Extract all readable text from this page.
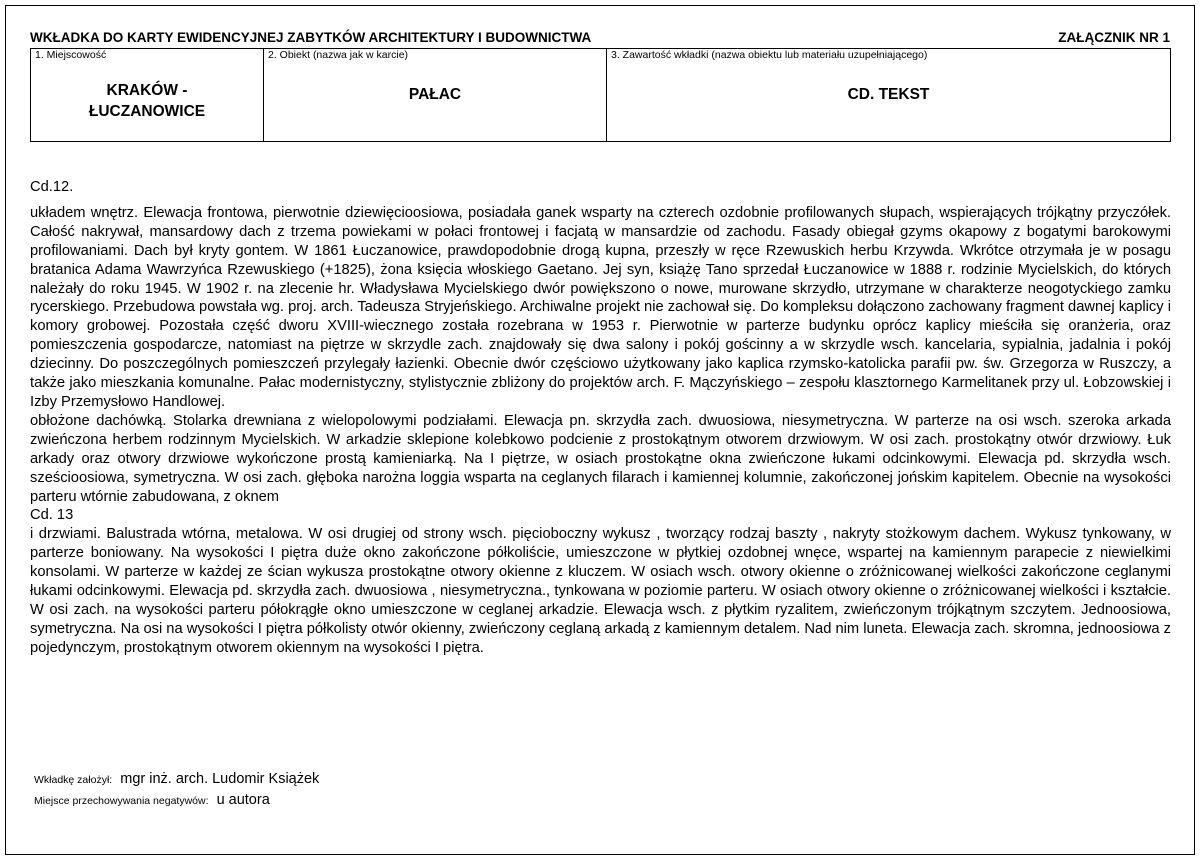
WKŁADKA DO KARTY EWIDENCYJNEJ ZABYTKÓW ARCHITEKTURY I BUDOWNICTWA	ZAŁĄCZNIK NR 1
1. Miejscowość
KRAKÓW -
ŁUCZANOWICE
2. Obiekt (nazwa jak w karcie)
PAŁAC
3. Zawartość wkładki (nazwa obiektu lub materiału uzupełniającego)
CD. TEKST

Cd.12.

układem wnętrz. Elewacja frontowa, pierwotnie dziewięcioosiowa, posiadała ganek wsparty na czterech ozdobnie profilowanych słupach, wspierających trójkątny przyczółek. Całość nakrywał, mansardowy dach z trzema powiekami w połaci frontowej i facjatą w mansardzie od zachodu. Fasady obiegał gzyms okapowy z bogatymi barokowymi profilowaniami. Dach był kryty gontem. W 1861 Łuczanowice, prawdopodobnie drogą kupna, przeszły w ręce Rzewuskich herbu Krzywda. Wkrótce otrzymała je w posagu bratanica Adama Wawrzyńca Rzewuskiego (+1825), żona księcia włoskiego Gaetano. Jej syn, książę Tano sprzedał Łuczanowice w 1888 r. rodzinie Mycielskich, do których należały do roku 1945. W 1902 r. na zlecenie hr. Władysława Mycielskiego dwór powiększono o nowe, murowane skrzydło, utrzymane w charakterze neogotyckiego zamku rycerskiego. Przebudowa powstała wg. proj. arch. Tadeusza Stryjeńskiego. Archiwalne projekt nie zachował się. Do kompleksu dołączono zachowany fragment dawnej kaplicy i komory grobowej. Pozostała część dworu XVIII-wiecznego została rozebrana w 1953 r. Pierwotnie w parterze budynku oprócz kaplicy mieściła się oranżeria, oraz pomieszczenia gospodarcze, natomiast na piętrze w skrzydle zach. znajdowały się dwa salony i pokój gościnny a w skrzydle wsch. kancelaria, sypialnia, jadalnia i pokój dziecinny. Do poszczególnych pomieszczeń przylegały łazienki. Obecnie dwór częściowo użytkowany jako kaplica rzymsko-katolicka parafii pw. św. Grzegorza w Ruszczy, a także jako mieszkania komunalne. Pałac modernistyczny, stylistycznie zbliżony do projektów arch. F. Mączyńskiego – zespołu klasztornego Karmelitanek przy ul. Łobzowskiej i Izby Przemysłowo Handlowej.

obłożone dachówką. Stolarka drewniana z wielopolowymi podziałami. Elewacja pn. skrzydła zach. dwuosiowa, niesymetryczna. W parterze na osi wsch. szeroka arkada zwieńczona herbem rodzinnym Mycielskich. W arkadzie sklepione kolebkowo podcienie z prostokątnym otworem drzwiowym. W osi zach. prostokątny otwór drzwiowy. Łuk arkady oraz otwory drzwiowe wykończone prostą kamieniarką. Na I piętrze, w osiach prostokątne okna zwieńczone łukami odcinkowymi. Elewacja pd. skrzydła wsch. sześcioosiowa, symetryczna. W osi zach. głęboka narożna loggia wsparta na ceglanych filarach i kamiennej kolumnie, zakończonej jońskim kapitelem. Obecnie na wysokości parteru wtórnie zabudowana, z oknem

Cd. 13

i drzwiami. Balustrada wtórna, metalowa. W osi drugiej od strony wsch. pięcioboczny wykusz , tworzący rodzaj baszty , nakryty stożkowym dachem. Wykusz tynkowany, w parterze boniowany. Na wysokości I piętra duże okno zakończone półkoliście, umieszczone w płytkiej ozdobnej wnęce, wspartej na kamiennym parapecie z niewielkimi konsolami. W parterze w każdej ze ścian wykusza prostokątne otwory okienne z kluczem. W osiach wsch. otwory okienne o zróżnicowanej wielkości zakończone ceglanymi łukami odcinkowymi. Elewacja pd. skrzydła zach. dwuosiowa , niesymetryczna., tynkowana w poziomie parteru. W osiach otwory okienne o zróżnicowanej wielkości i kształcie. W osi zach. na wysokości parteru półokrągłe okno umieszczone w ceglanej arkadzie. Elewacja wsch. z płytkim ryzalitem, zwieńczonym trójkątnym szczytem. Jednoosiowa, symetryczna. Na osi na wysokości I piętra półkolisty otwór okienny, zwieńczony ceglaną arkadą z kamiennym detalem. Nad nim luneta. Elewacja zach. skromna, jednoosiowa z pojedynczym, prostokątnym otworem okiennym na wysokości I piętra.

Wkładkę założył: mgr inż. arch. Ludomir Książek
Miejsce przechowywania negatywów: u autora
